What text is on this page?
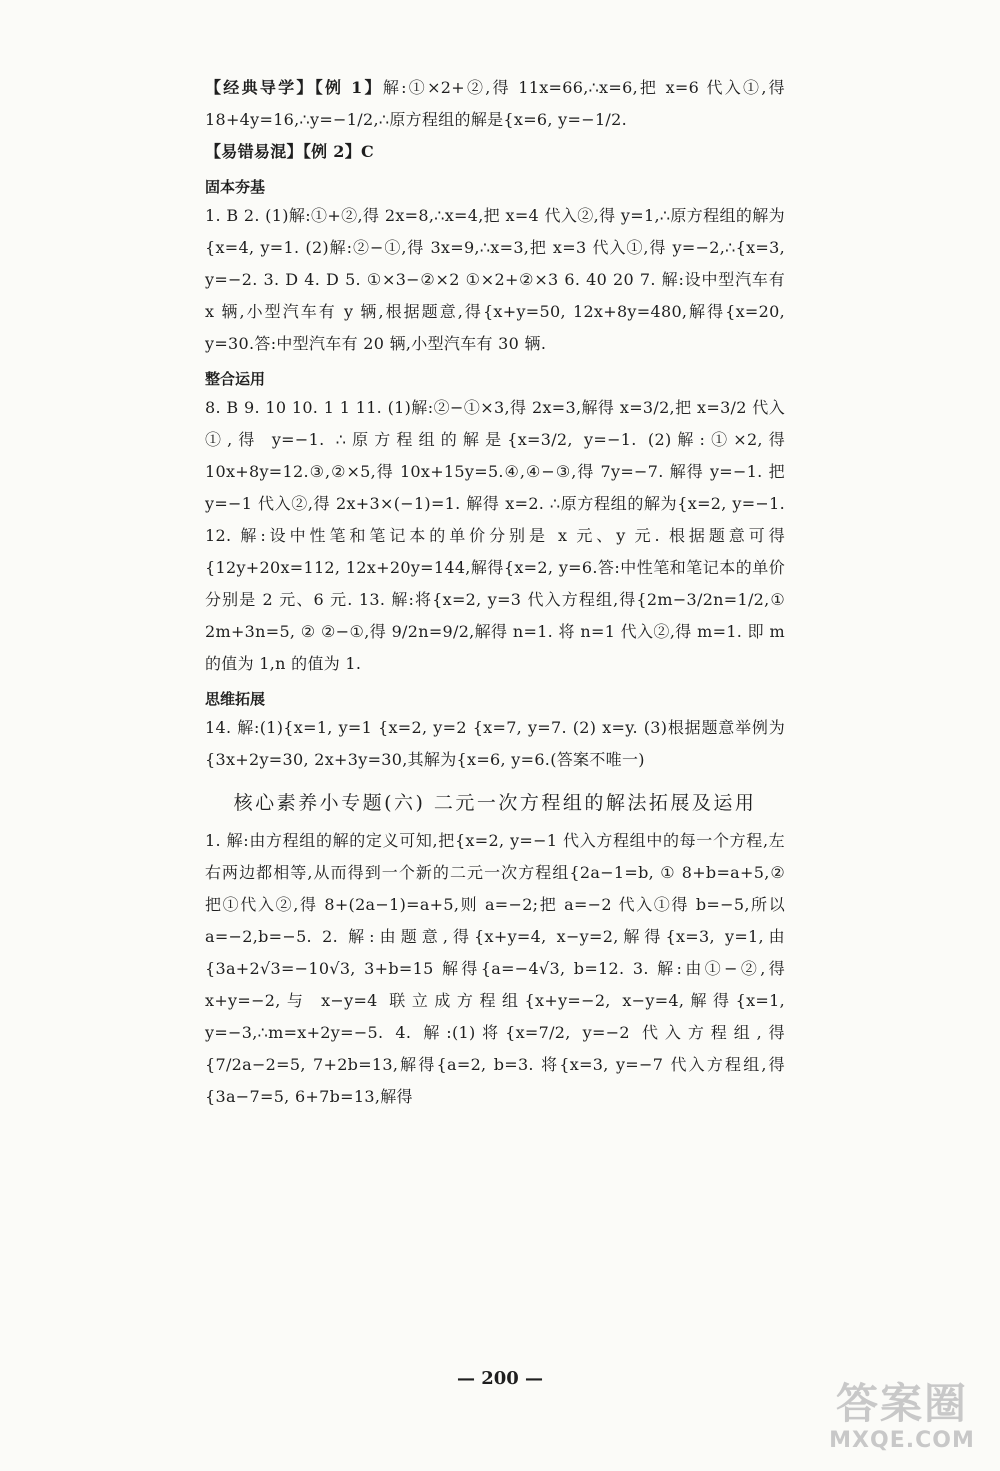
【经典导学】【例 1】解:①×2+②,得 11x=66,∴x=6,把 x=6 代入①,得 18+4y=16,∴y=−1/2,∴原方程组的解是{x=6, y=−1/2.
【易错易混】【例 2】C
固本夯基
1. B 2. (1)解:①+②,得 2x=8,∴x=4,把 x=4 代入②,得 y=1,∴原方程组的解为{x=4, y=1. (2)解:②−①,得 3x=9,∴x=3,把 x=3 代入①,得 y=−2,∴{x=3, y=−2. 3. D 4. D 5. ①×3−②×2 ①×2+②×3 6. 40 20 7. 解:设中型汽车有 x 辆,小型汽车有 y 辆,根据题意,得{x+y=50, 12x+8y=480,解得{x=20, y=30.答:中型汽车有 20 辆,小型汽车有 30 辆.
整合运用
8. B 9. 10 10. 1 1 11. (1)解:②−①×3,得 2x=3,解得 x=3/2,把 x=3/2 代入①,得 y=−1. ∴原方程组的解是{x=3/2, y=−1. (2)解:①×2,得 10x+8y=12.③,②×5,得 10x+15y=5.④,④−③,得 7y=−7. 解得 y=−1. 把 y=−1 代入②,得 2x+3×(−1)=1. 解得 x=2. ∴原方程组的解为{x=2, y=−1. 12. 解:设中性笔和笔记本的单价分别是 x 元、y 元. 根据题意可得{12y+20x=112, 12x+20y=144,解得{x=2, y=6.答:中性笔和笔记本的单价分别是 2 元、6 元. 13. 解:将{x=2, y=3 代入方程组,得{2m−3/2n=1/2,① 2m+3n=5, ② ②−①,得 9/2n=9/2,解得 n=1. 将 n=1 代入②,得 m=1. 即 m 的值为 1,n 的值为 1.
思维拓展
14. 解:(1){x=1, y=1 {x=2, y=2 {x=7, y=7. (2) x=y. (3)根据题意举例为{3x+2y=30, 2x+3y=30,其解为{x=6, y=6.(答案不唯一)
核心素养小专题(六) 二元一次方程组的解法拓展及运用
1. 解:由方程组的解的定义可知,把{x=2, y=−1 代入方程组中的每一个方程,左右两边都相等,从而得到一个新的二元一次方程组{2a−1=b, ① 8+b=a+5,② 把①代入②,得 8+(2a−1)=a+5,则 a=−2;把 a=−2 代入①得 b=−5,所以 a=−2,b=−5. 2. 解:由题意,得{x+y=4, x−y=2,解得{x=3, y=1,由{3a+2√3=−10√3, 3+b=15 解得{a=−4√3, b=12. 3. 解:由①−②,得 x+y=−2,与 x−y=4 联立成方程组{x+y=−2, x−y=4,解得{x=1, y=−3,∴m=x+2y=−5. 4. 解:(1)将{x=7/2, y=−2 代入方程组,得{7/2a−2=5, 7+2b=13,解得{a=2, b=3. 将{x=3, y=−7 代入方程组,得{3a−7=5, 6+7b=13,解得
— 200 —
答案圈
MXQE.COM
